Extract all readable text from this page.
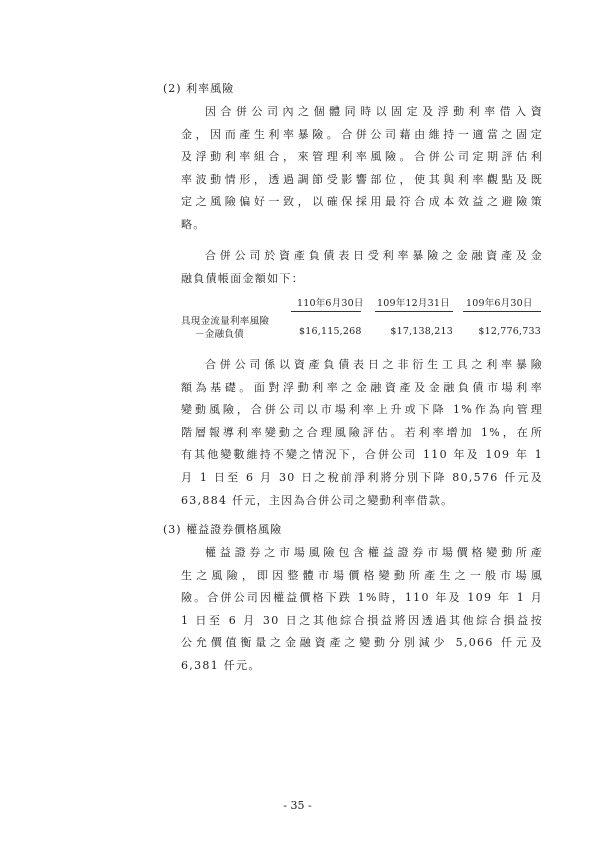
(2) 利率風險
因合併公司內之個體同時以固定及浮動利率借入資
金，因而產生利率暴險。合併公司藉由維持一適當之固定
及浮動利率組合，來管理利率風險。合併公司定期評估利
率波動情形，透過調節受影響部位，使其與利率觀點及既
定之風險偏好一致，以確保採用最符合成本效益之避險策
略。
合併公司於資產負債表日受利率暴險之金融資產及金
融負債帳面金額如下：
110年6月30日 109年12月31日 109年6月30日
具現金流量利率風險
－金融負債	$16,115,268	$17,138,213	$12,776,733
合併公司係以資產負債表日之非衍生工具之利率暴險
額為基礎。面對浮動利率之金融資產及金融負債市場利率
變動風險，合併公司以市場利率上升或下降 1%作為向管理
階層報導利率變動之合理風險評估。若利率增加 1%，在所
有其他變數維持不變之情況下，合併公司 110 年及 109 年 1
月 1 日至 6 月 30 日之稅前淨利將分別下降 80,576 仟元及
63,884 仟元，主因為合併公司之變動利率借款。
(3) 權益證券價格風險
權益證券之市場風險包含權益證券市場價格變動所產
生之風險，即因整體市場價格變動所產生之一般市場風
險。合併公司因權益價格下跌 1%時，110 年及 109 年 1 月
1 日至 6 月 30 日之其他綜合損益將因透過其他綜合損益按
公允價值衡量之金融資產之變動分別減少 5,066 仟元及
6,381 仟元。
- 35 -
